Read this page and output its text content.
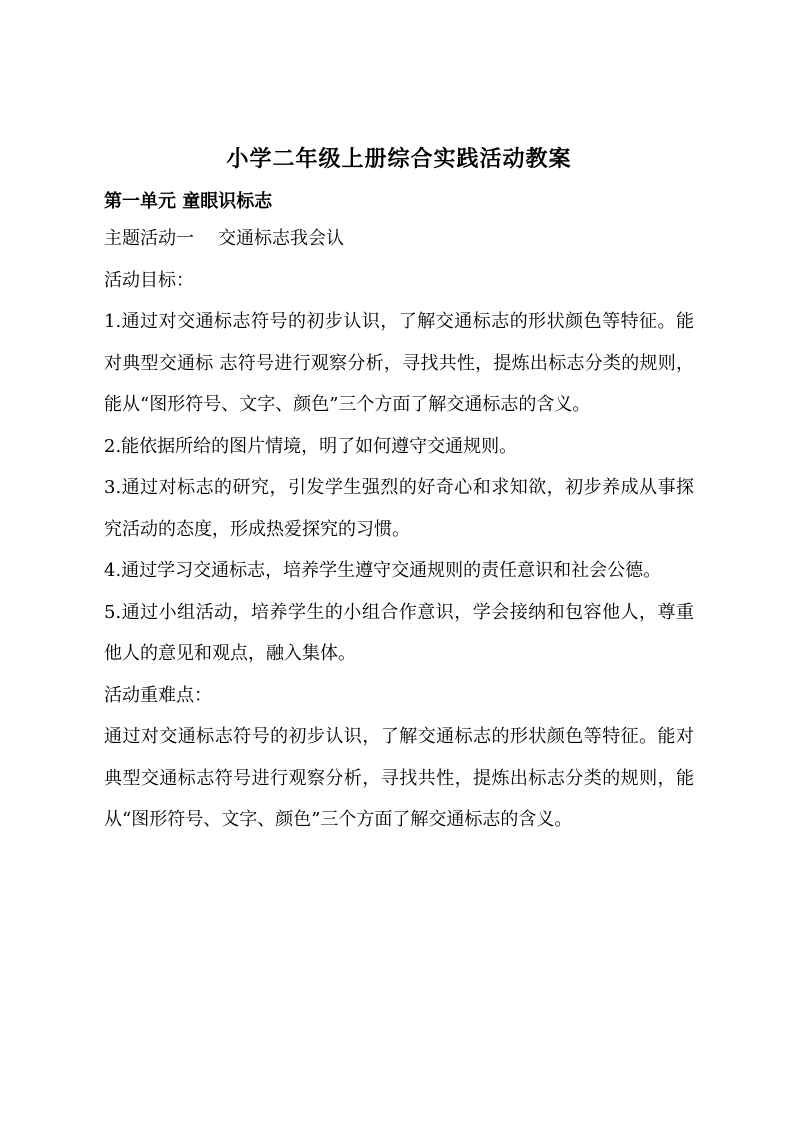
小学二年级上册综合实践活动教案
第一单元 童眼识标志

主题活动一 交通标志我会认

活动目标：

1.通过对交通标志符号的初步认识，了解交通标志的形状颜色等特征。能对典型交通标 志符号进行观察分析，寻找共性，提炼出标志分类的规则，能从“图形符号、文字、颜色”三个方面了解交通标志的含义。

2.能依据所给的图片情境，明了如何遵守交通规则。

3.通过对标志的研究，引发学生强烈的好奇心和求知欲，初步养成从事探究活动的态度，形成热爱探究的习惯。

4.通过学习交通标志，培养学生遵守交通规则的责任意识和社会公德。

5.通过小组活动，培养学生的小组合作意识，学会接纳和包容他人，尊重他人的意见和观点，融入集体。

活动重难点：

通过对交通标志符号的初步认识，了解交通标志的形状颜色等特征。能对典型交通标志符号进行观察分析，寻找共性，提炼出标志分类的规则，能从“图形符号、文字、颜色”三个方面了解交通标志的含义。
